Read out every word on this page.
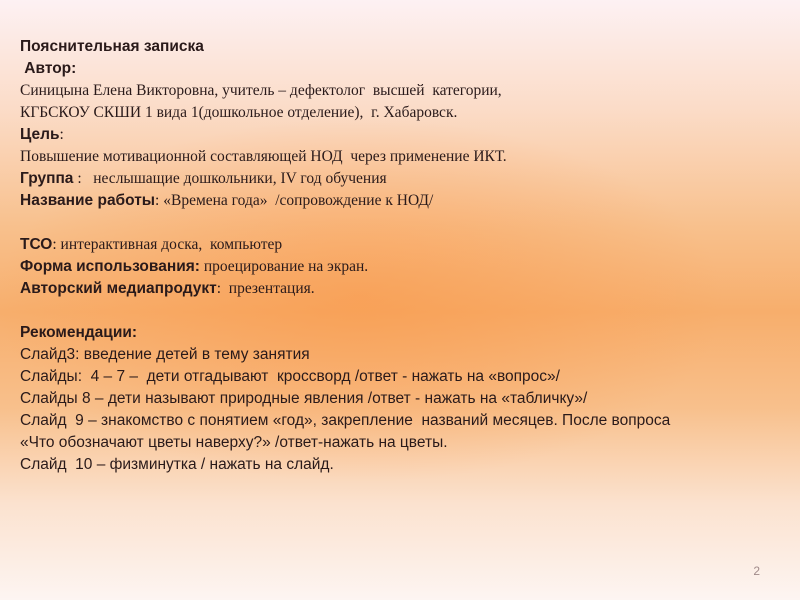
Пояснительная записка
Автор:
Синицына Елена Викторовна, учитель – дефектолог  высшей  категории,
КГБСКОУ СКШИ 1 вида 1(дошкольное отделение),  г. Хабаровск.
Цель:
Повышение мотивационной составляющей НОД  через применение ИКТ.
Группа :   неслышащие дошкольники, IV год обучения
Название работы: «Времена года»  /сопровождение к НОД/
ТСО: интерактивная доска,  компьютер
Форма использования: проецирование на экран.
Авторский медиапродукт:  презентация.
Рекомендации:
Слайд3: введение детей в тему занятия
Слайды:  4 – 7 –  дети отгадывают  кроссворд /ответ - нажать на «вопрос»/
Слайды 8 – дети называют природные явления /ответ - нажать на «табличку»/
Слайд  9 – знакомство с понятием «год», закрепление  названий месяцев. После вопроса
«Что обозначают цветы наверху?» /ответ-нажать на цветы.
Слайд  10 – физминутка / нажать на слайд.
2
